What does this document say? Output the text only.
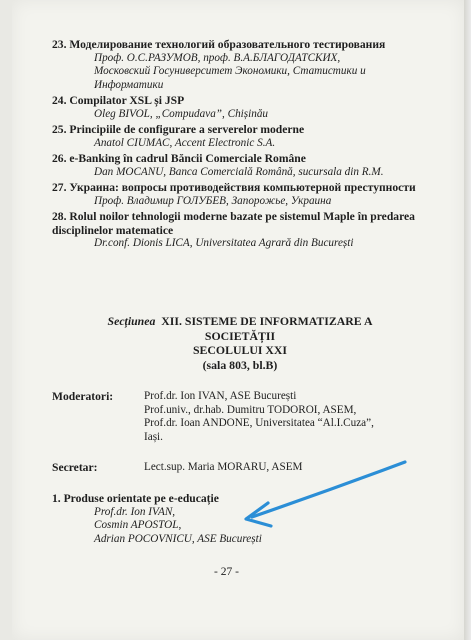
23. Моделирование технологий образовательного тестирования
Проф. О.С.РАЗУМОВ, проф. В.А.БЛАГОДАТСКИХ,
Московский Госуниверситет Экономики, Статистики и
Информатики
24. Compilator XSL și JSP
Oleg BIVOL, „Compudava”, Chișinău
25. Principiile de configurare a serverelor moderne
Anatol CIUMAC, Accent Electronic S.A.
26. e-Banking în cadrul Băncii Comerciale Române
Dan MOCANU, Banca Comercială Română, sucursala din R.M.
27. Украина: вопросы противодействия компьютерной преступности
Проф. Владимир ГОЛУБЕВ, Запорожье, Украина
28. Rolul noilor tehnologii moderne bazate pe sistemul Maple în predarea disciplinelor matematice
Dr.conf. Dionis LICA, Universitatea Agrară din București
Secțiunea XII. SISTEME DE INFORMATIZARE A
SOCIETĂȚII
SECOLULUI XXI
(sala 803, bl.B)
Moderatori:	Prof.dr. Ion IVAN, ASE București
Prof.univ., dr.hab. Dumitru TODOROI, ASEM,
Prof.dr. Ioan ANDONE, Universitatea “Al.I.Cuza”,
Iași.
Secretar:	Lect.sup. Maria MORARU, ASEM
1. Produse orientate pe e-educație
Prof.dr. Ion IVAN,
Cosmin APOSTOL,
Adrian POCOVNICU, ASE București
- 27 -
